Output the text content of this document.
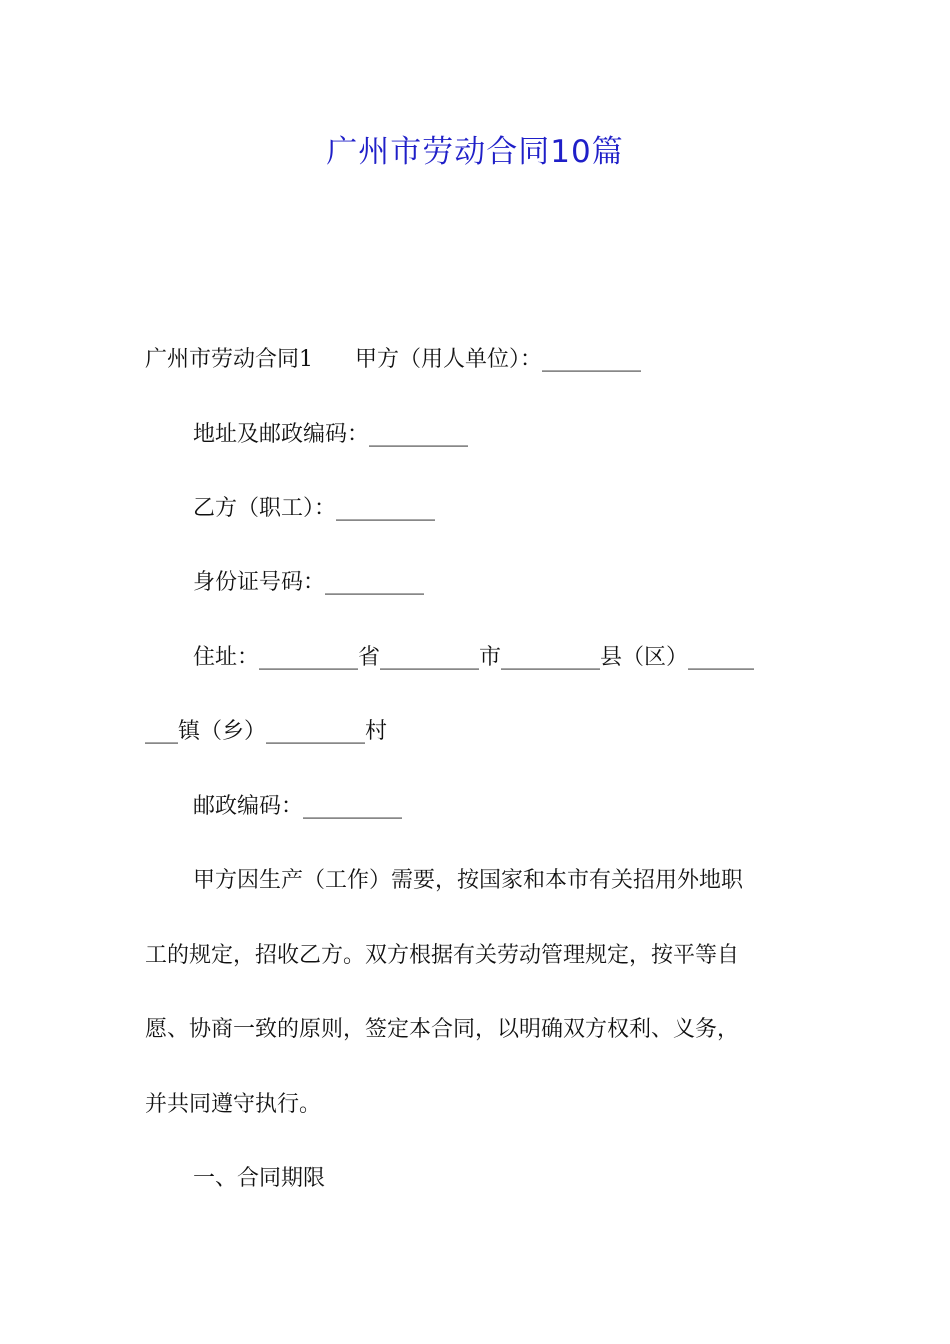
广州市劳动合同10篇
广州市劳动合同1 甲方（用人单位）：_________
地址及邮政编码：_________
乙方（职工）：_________
身份证号码：_________
住址：_________省_________市_________县（区）______
___镇（乡）_________村
邮政编码：_________
甲方因生产（工作）需要，按国家和本市有关招用外地职
工的规定，招收乙方。双方根据有关劳动管理规定，按平等自
愿、协商一致的原则，签定本合同，以明确双方权利、义务，
并共同遵守执行。
一、合同期限
